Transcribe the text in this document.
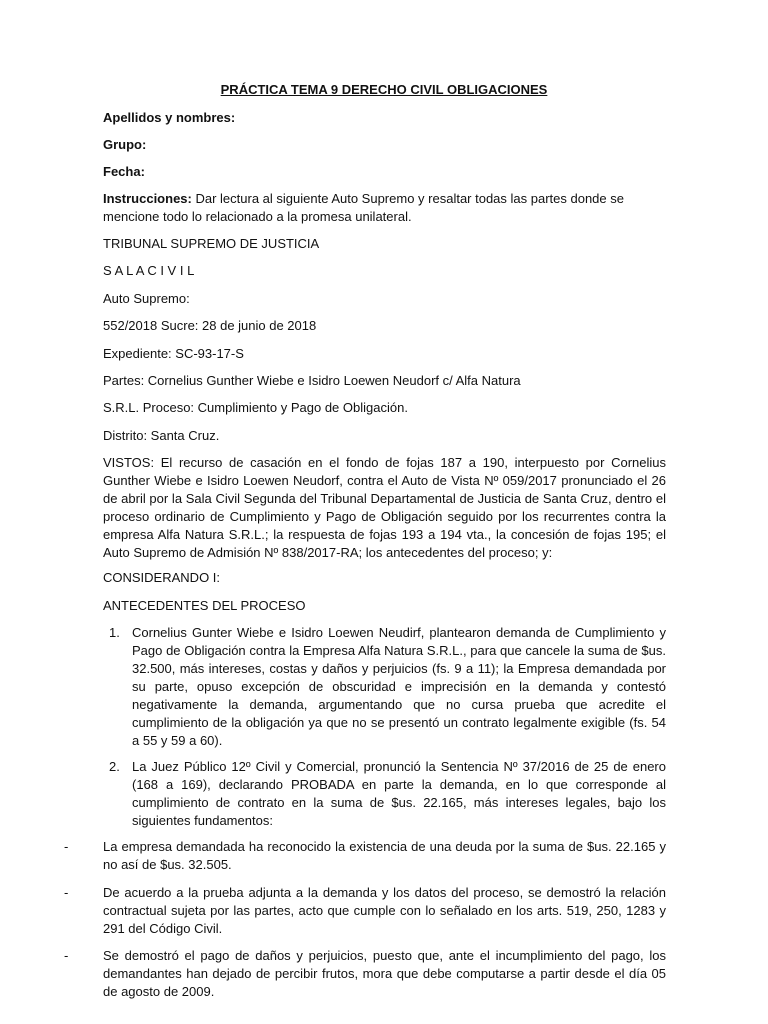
PRÁCTICA TEMA 9 DERECHO CIVIL OBLIGACIONES

Apellidos y nombres:

Grupo:

Fecha:

Instrucciones: Dar lectura al siguiente Auto Supremo y resaltar todas las partes donde se mencione todo lo relacionado a la promesa unilateral.

TRIBUNAL SUPREMO DE JUSTICIA

S A L A C I V I L

Auto Supremo:

552/2018 Sucre: 28 de junio de 2018

Expediente: SC-93-17-S

Partes: Cornelius Gunther Wiebe e Isidro Loewen Neudorf c/ Alfa Natura

S.R.L. Proceso: Cumplimiento y Pago de Obligación.

Distrito: Santa Cruz.

VISTOS: El recurso de casación en el fondo de fojas 187 a 190, interpuesto por Cornelius Gunther Wiebe e Isidro Loewen Neudorf, contra el Auto de Vista Nº 059/2017 pronunciado el 26 de abril por la Sala Civil Segunda del Tribunal Departamental de Justicia de Santa Cruz, dentro el proceso ordinario de Cumplimiento y Pago de Obligación seguido por los recurrentes contra la empresa Alfa Natura S.R.L.; la respuesta de fojas 193 a 194 vta., la concesión de fojas 195; el Auto Supremo de Admisión Nº 838/2017-RA; los antecedentes del proceso; y:

CONSIDERANDO I:

ANTECEDENTES DEL PROCESO

1. Cornelius Gunter Wiebe e Isidro Loewen Neudirf, plantearon demanda de Cumplimiento y Pago de Obligación contra la Empresa Alfa Natura S.R.L., para que cancele la suma de $us. 32.500, más intereses, costas y daños y perjuicios (fs. 9 a 11); la Empresa demandada por su parte, opuso excepción de obscuridad e imprecisión en la demanda y contestó negativamente la demanda, argumentando que no cursa prueba que acredite el cumplimiento de la obligación ya que no se presentó un contrato legalmente exigible (fs. 54 a 55 y 59 a 60).

2. La Juez Público 12º Civil y Comercial, pronunció la Sentencia Nº 37/2016 de 25 de enero (168 a 169), declarando PROBADA en parte la demanda, en lo que corresponde al cumplimiento de contrato en la suma de $us. 22.165, más intereses legales, bajo los siguientes fundamentos:

-	La empresa demandada ha reconocido la existencia de una deuda por la suma de $us. 22.165 y no así de $us. 32.505.

-	De acuerdo a la prueba adjunta a la demanda y los datos del proceso, se demostró la relación contractual sujeta por las partes, acto que cumple con lo señalado en los arts. 519, 250, 1283 y 291 del Código Civil.

-	Se demostró el pago de daños y perjuicios, puesto que, ante el incumplimiento del pago, los demandantes han dejado de percibir frutos, mora que debe computarse a partir desde el día 05 de agosto de 2009.
